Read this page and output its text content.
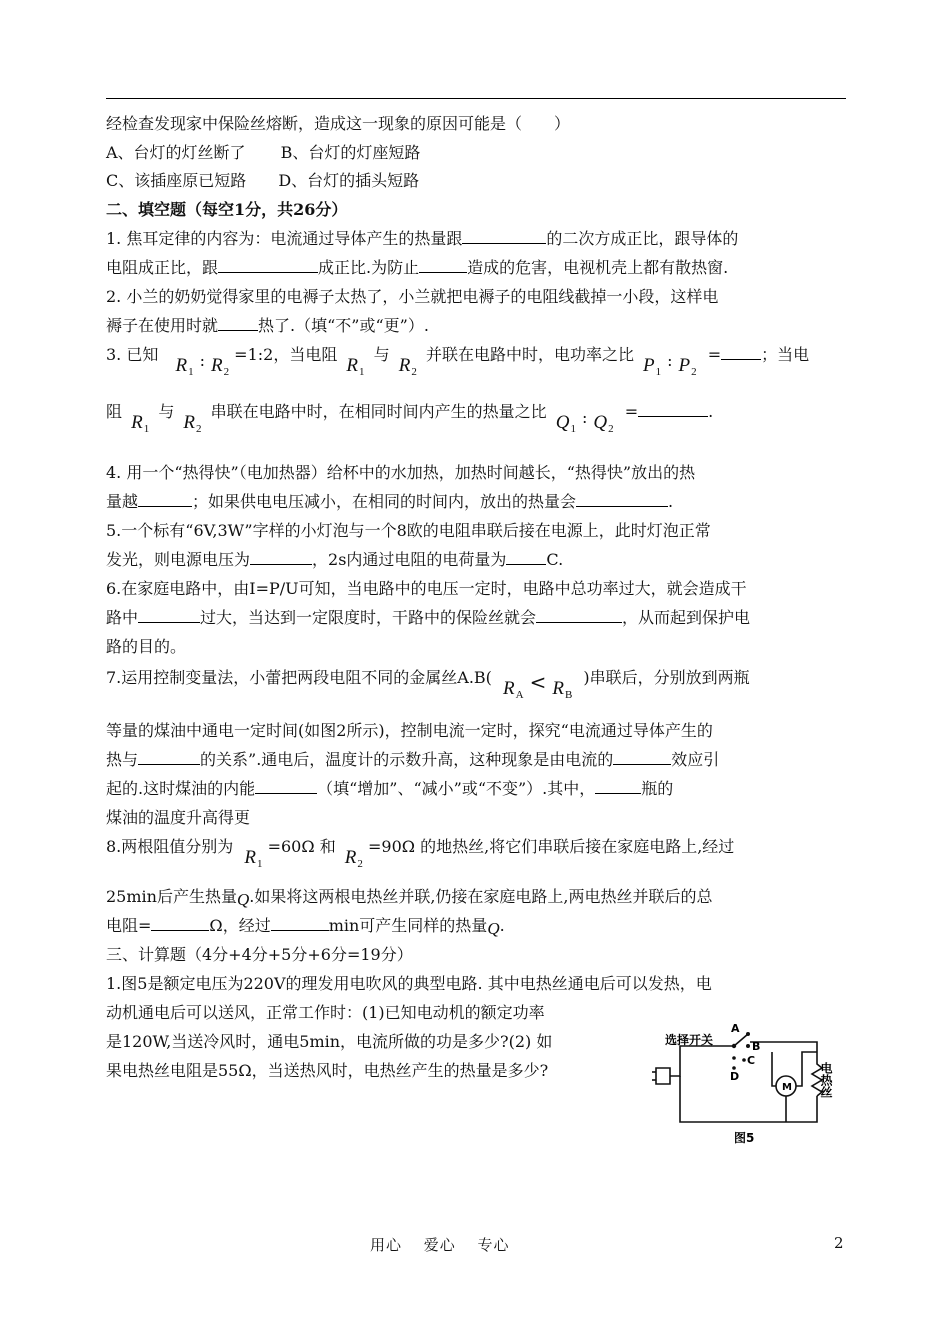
经检查发现家中保险丝熔断，造成这一现象的原因可能是（　　）
A、台灯的灯丝断了 B、台灯的灯座短路
C、该插座原已短路 D、台灯的插头短路
二、填空题（每空1分，共26分）
1. 焦耳定律的内容为：电流通过导体产生的热量跟	的二次方成正比，跟导体的
电阻成正比，跟	成正比.为防止	造成的危害，电视机壳上都有散热窗.
2. 小兰的奶奶觉得家里的电褥子太热了，小兰就把电褥子的电阻线截掉一小段，这样电
褥子在使用时就	热了.（填“不”或“更”）.
3. 已知 $R_1$: $R_2$ =1:2，当电阻 $R_1$ 与 $R_2$ 并联在电路中时，电功率之比 $P_1$: $P_2$ =	；当电
阻 $R_1$ 与 $R_2$ 串联在电路中时，在相同时间内产生的热量之比 $Q_1$: $Q_2$ =	.
4. 用一个“热得快”（电加热器）给杯中的水加热，加热时间越长，“热得快”放出的热
量越	；如果供电电压减小，在相同的时间内，放出的热量会	.
5.一个标有“6V,3W”字样的小灯泡与一个8欧的电阻串联后接在电源上，此时灯泡正常
发光，则电源电压为	，2s内通过电阻的电荷量为	C.
6.在家庭电路中，由I=P/U可知，当电路中的电压一定时，电路中总功率过大，就会造成干
路中	过大，当达到一定限度时，干路中的保险丝就会	，从而起到保护电
路的目的。
7.运用控制变量法，小蕾把两段电阻不同的金属丝A.B( $R_A< R_B$ )串联后，分别放到两瓶
等量的煤油中通电一定时间(如图2所示)，控制电流一定时，探究“电流通过导体产生的
热与	的关系”.通电后，温度计的示数升高，这种现象是由电流的	效应引
起的.这时煤油的内能	（填“增加”、“减小”或“不变”）.其中，	瓶的
煤油的温度升高得更
8.两根阻值分别为 $R_1 =60\Omega$ 和 $R_2 =90\Omega$ 的地热丝,将它们串联后接在家庭电路上,经过
25min后产生热量Q.如果将这两根电热丝并联,仍接在家庭电路上,两电热丝并联后的总
电阻=	Ω，经过	min可产生同样的热量Q.
三、计算题（4分+4分+5分+6分=19分）
1.图5是额定电压为220V的理发用电吹风的典型电路. 其中电热丝通电后可以发热，电
动机通电后可以送风，正常工作时：(1)已知电动机的额定功率
是120W,当送冷风时，通电5min，电流所做的功是多少?(2) 如
果电热丝电阻是55Ω，当送热风时，电热丝产生的热量是多少?
选择开关
A
B
C
D
M 电热丝
图5
用心　 爱心　 专心	2
